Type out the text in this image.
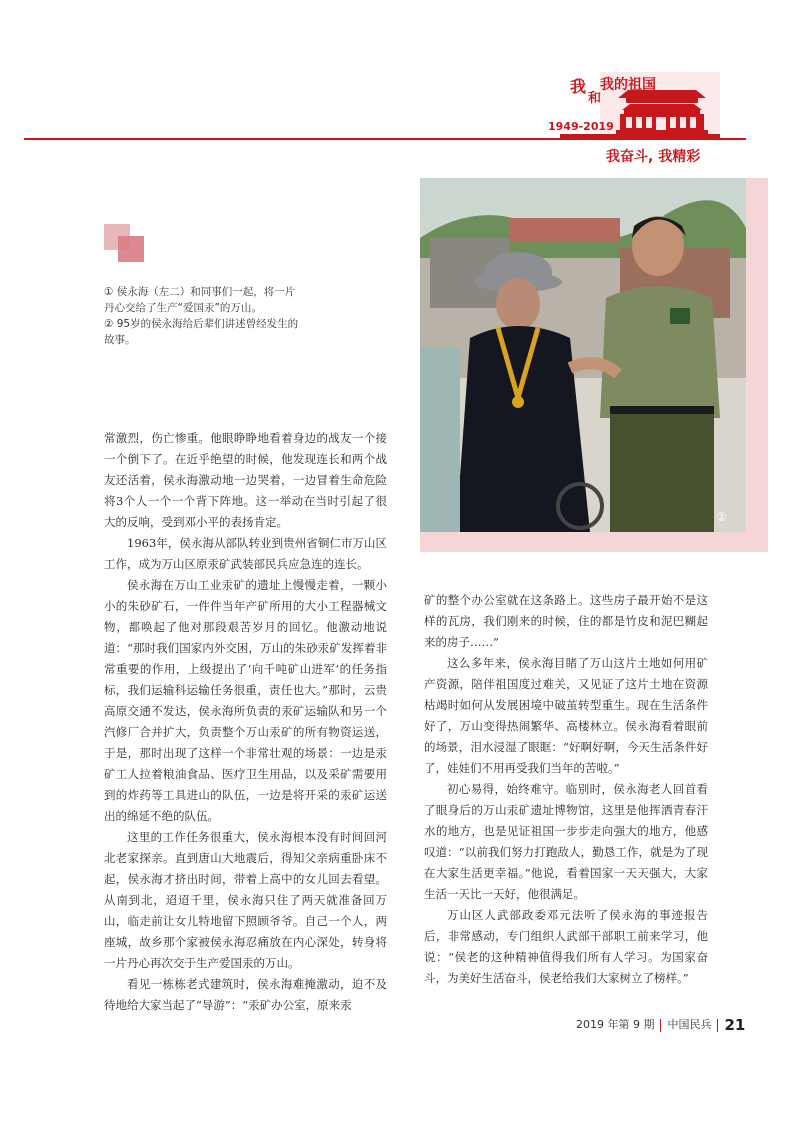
我$_和$
我的祖国
1949-2019
我奋斗, 我精彩

① 侯永海（左二）和同事们一起，将一片丹心交给了生产“爱国汞”的万山。

② 95岁的侯永海给后辈们讲述曾经发生的故事。

②

常激烈，伤亡惨重。他眼睁睁地看着身边的战友一个接一个倒下了。在近乎绝望的时候，他发现连长和两个战友还活着，侯永海激动地一边哭着，一边冒着生命危险将3个人一个一个背下阵地。这一举动在当时引起了很大的反响，受到邓小平的表扬肯定。

1963年，侯永海从部队转业到贵州省铜仁市万山区工作，成为万山区原汞矿武装部民兵应急连的连长。

侯永海在万山工业汞矿的遗址上慢慢走着，一颗小小的朱砂矿石，一件件当年产矿所用的大小工程器械文物，都唤起了他对那段艰苦岁月的回忆。他激动地说道：“那时我们国家内外交困，万山的朱砂汞矿发挥着非常重要的作用，上级提出了‘向千吨矿山进军’的任务指标，我们运输科运输任务很重，责任也大。”那时，云贵高原交通不发达，侯永海所负责的汞矿运输队和另一个汽修厂合并扩大，负责整个万山汞矿的所有物资运送，于是，那时出现了这样一个非常壮观的场景：一边是汞矿工人拉着粮油食品、医疗卫生用品，以及采矿需要用到的炸药等工具进山的队伍，一边是将开采的汞矿运送出的绵延不绝的队伍。

这里的工作任务很重大，侯永海根本没有时间回河北老家探亲。直到唐山大地震后，得知父亲病重卧床不起，侯永海才挤出时间，带着上高中的女儿回去看望。从南到北，迢迢千里，侯永海只住了两天就准备回万山，临走前让女儿特地留下照顾爷爷。自己一个人，两座城，故乡那个家被侯永海忍痛放在内心深处，转身将一片丹心再次交于生产爱国汞的万山。

看见一栋栋老式建筑时，侯永海难掩激动，迫不及待地给大家当起了“导游”：“汞矿办公室，原来汞

矿的整个办公室就在这条路上。这些房子最开始不是这样的瓦房，我们刚来的时候，住的都是竹皮和泥巴糊起来的房子……”

这么多年来，侯永海目睹了万山这片土地如何用矿产资源，陪伴祖国度过难关，又见证了这片土地在资源枯竭时如何从发展困境中破茧转型重生。现在生活条件好了，万山变得热闹繁华、高楼林立。侯永海看着眼前的场景，泪水浸湿了眼眶：“好啊好啊，今天生活条件好了，娃娃们不用再受我们当年的苦啦。”

初心易得，始终难守。临别时，侯永海老人回首看了眼身后的万山汞矿遗址博物馆，这里是他挥洒青春汗水的地方，也是见证祖国一步步走向强大的地方，他感叹道：“以前我们努力打跑敌人，勤恳工作，就是为了现在大家生活更幸福。”他说，看着国家一天天强大，大家生活一天比一天好，他很满足。

万山区人武部政委邓元法听了侯永海的事迹报告后，非常感动，专门组织人武部干部职工前来学习，他说：“侯老的这种精神值得我们所有人学习。为国家奋斗，为美好生活奋斗，侯老给我们大家树立了榜样。”

2019 年第 9 期 中国民兵 21
